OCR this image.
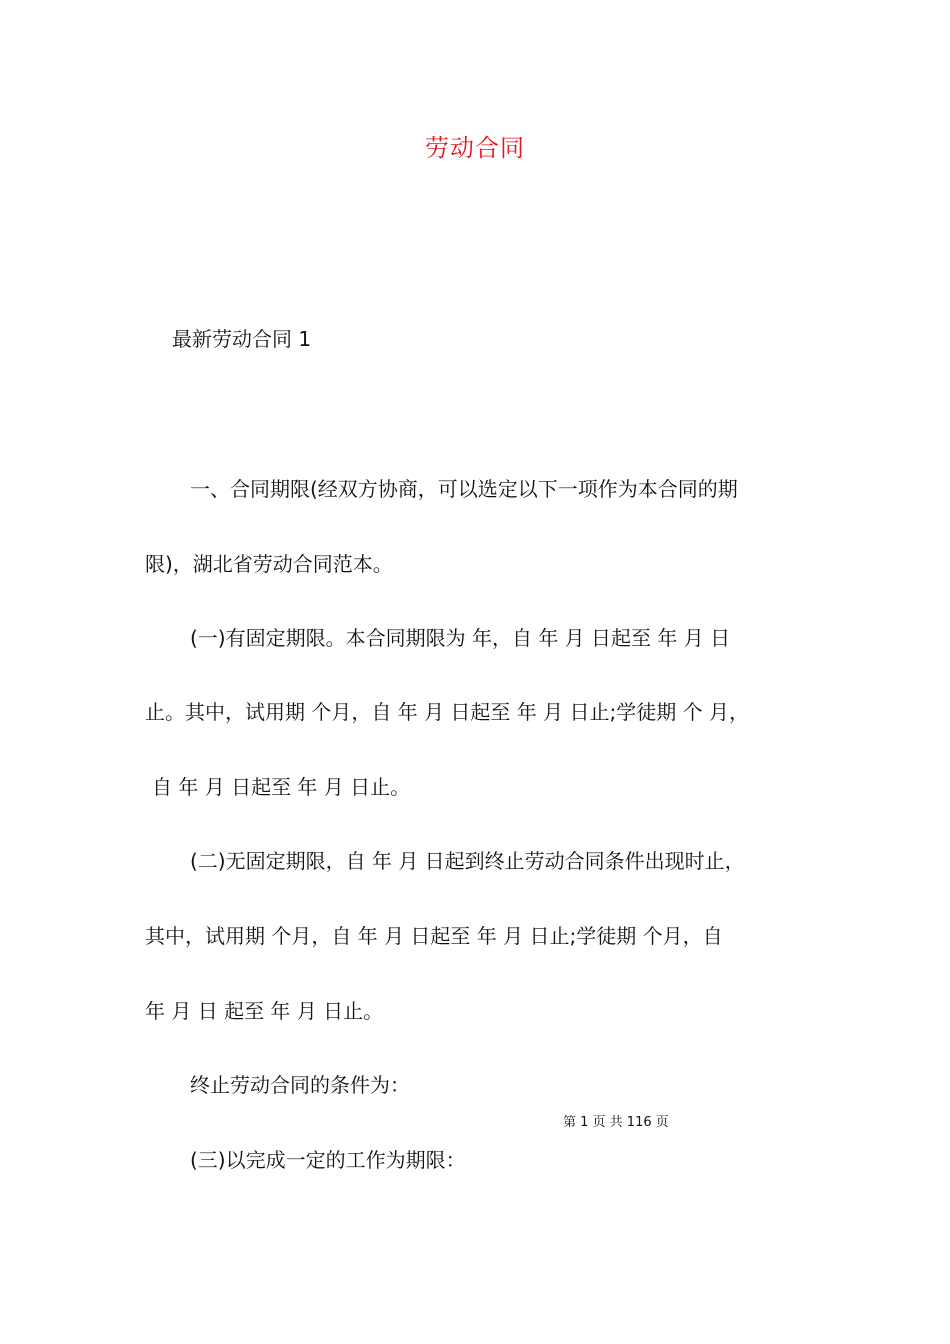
劳动合同
最新劳动合同 1
一、合同期限(经双方协商，可以选定以下一项作为本合同的期
限)，湖北省劳动合同范本。
(一)有固定期限。本合同期限为 年，自 年 月 日起至 年 月 日
止。其中，试用期 个月，自 年 月 日起至 年 月 日止;学徒期 个 月，
自 年 月 日起至 年 月 日止。
(二)无固定期限，自 年 月 日起到终止劳动合同条件出现时止，
其中，试用期 个月，自 年 月 日起至 年 月 日止;学徒期 个月，自
年 月 日 起至 年 月 日止。
终止劳动合同的条件为：
第 1 页 共 116 页
(三)以完成一定的工作为期限：
